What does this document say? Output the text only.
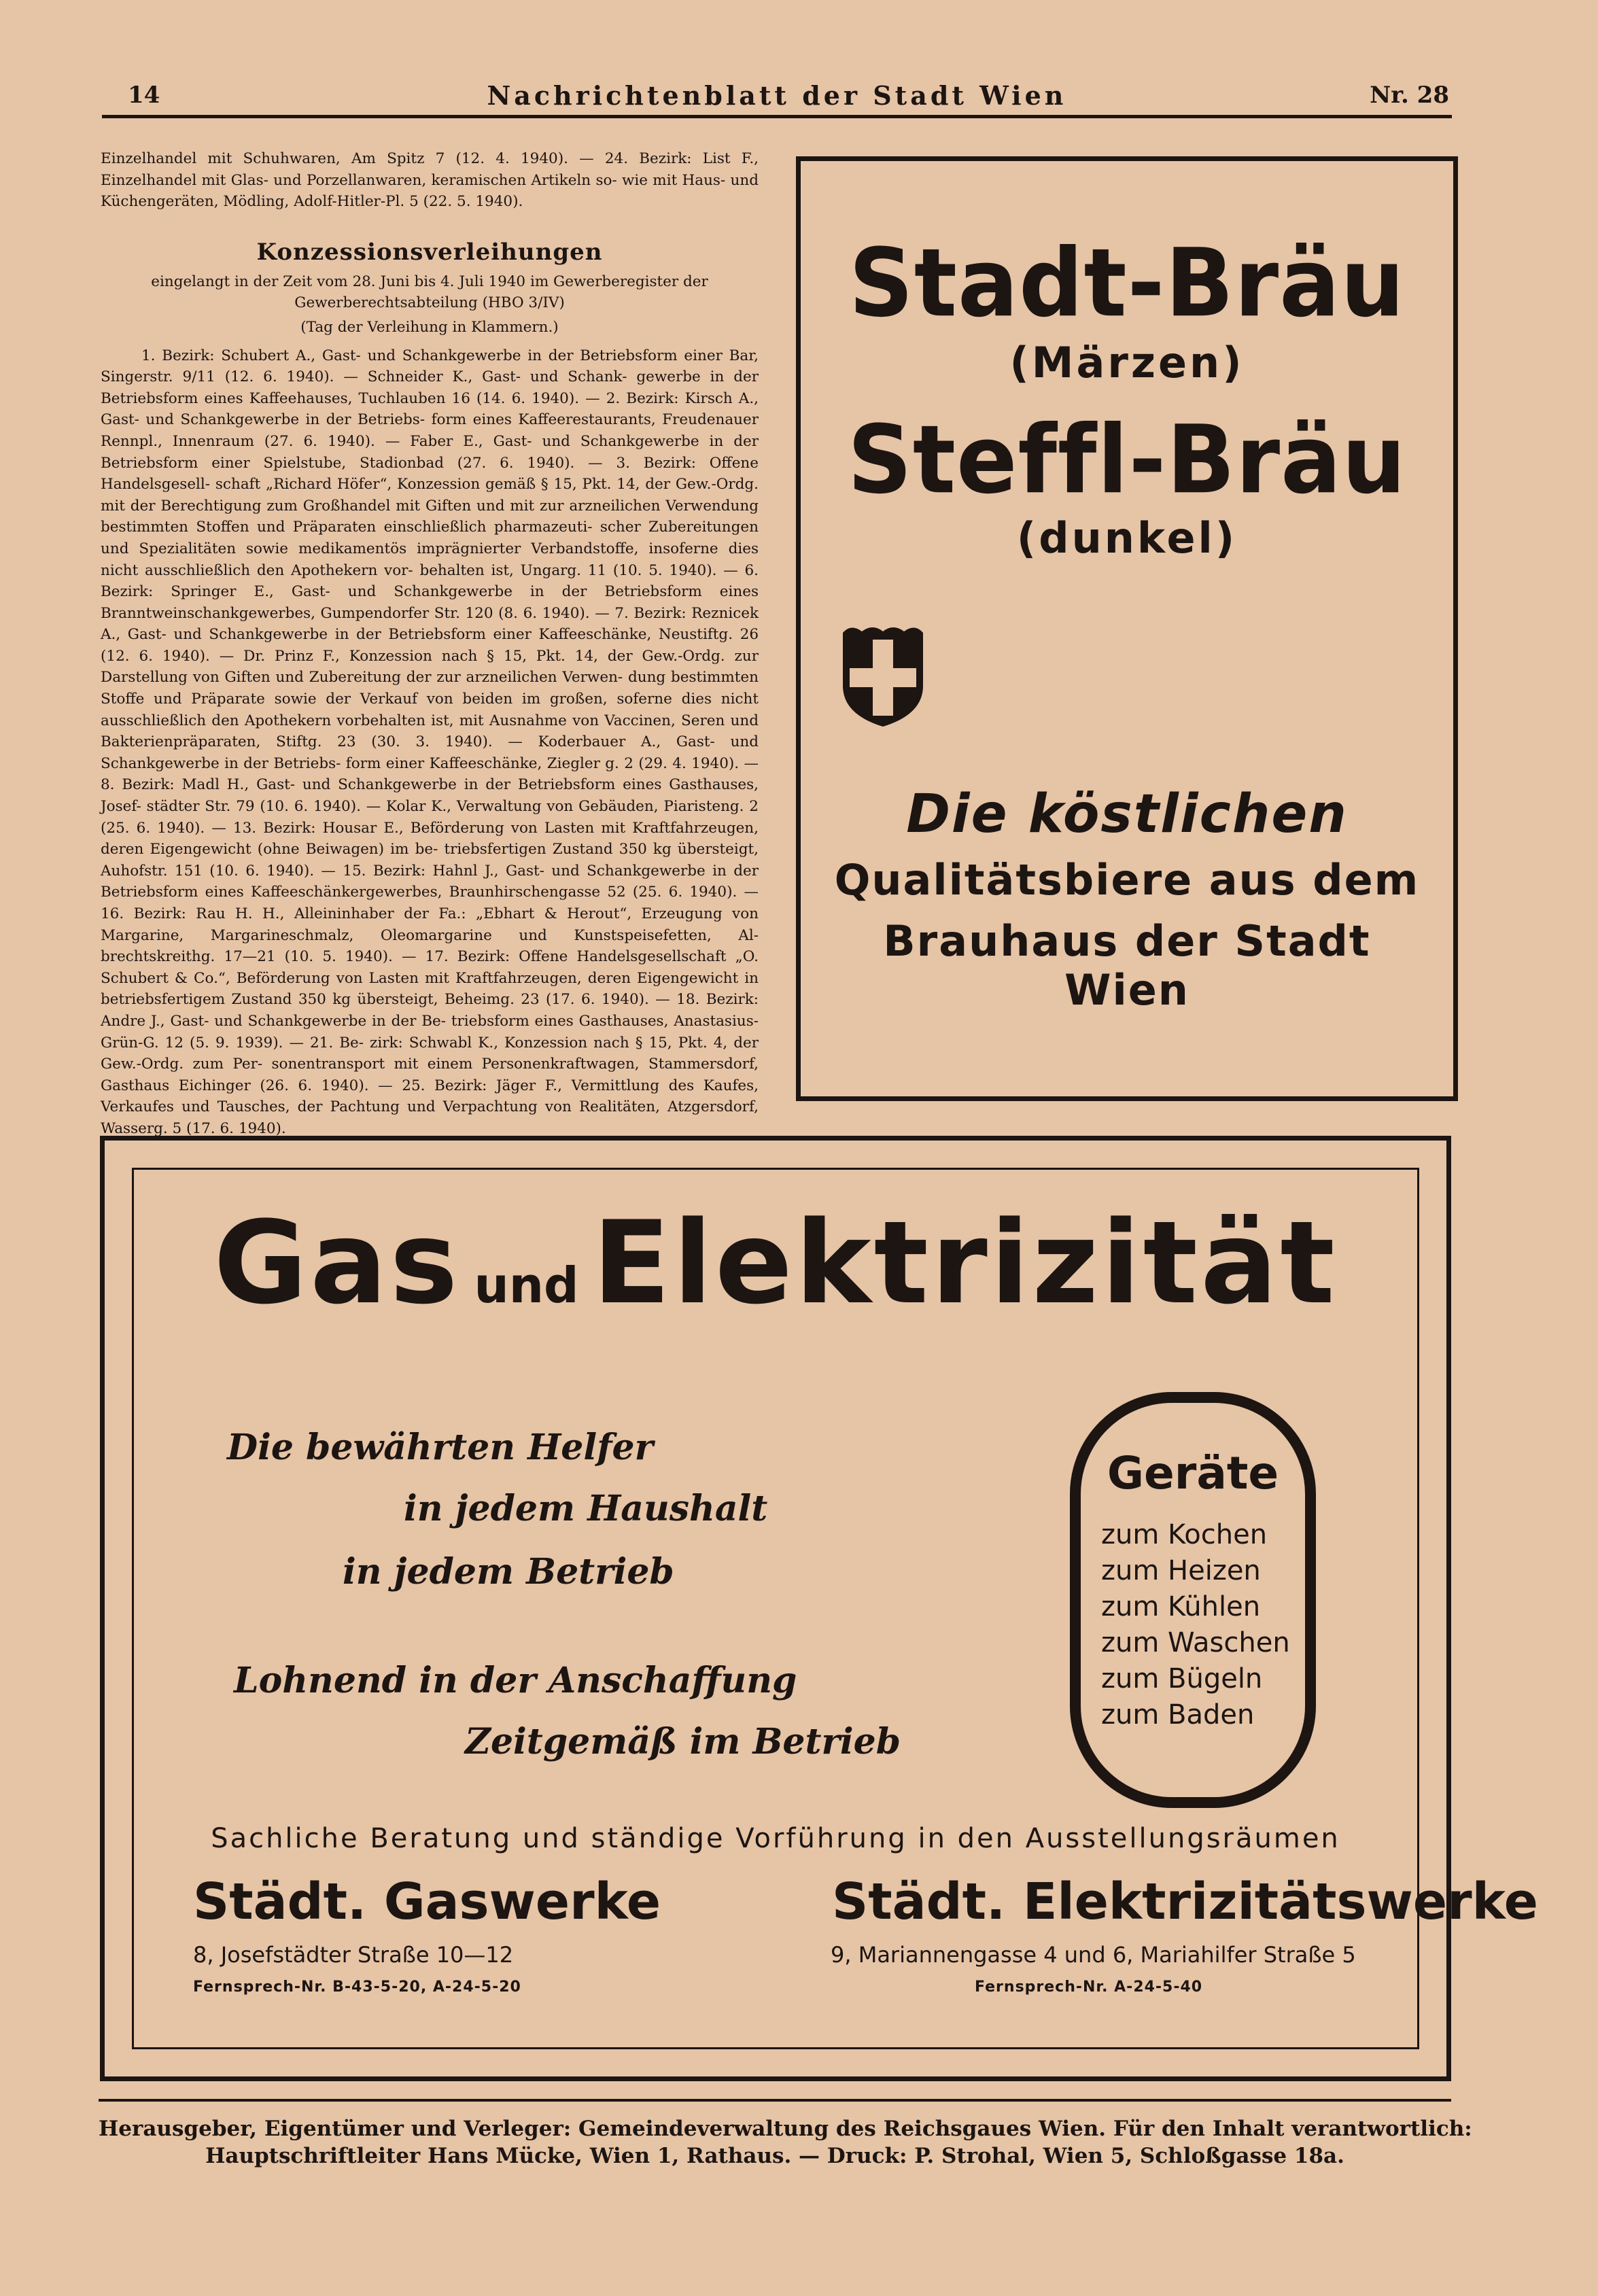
14	Nachrichtenblatt der Stadt Wien	Nr. 28

Einzelhandel mit Schuhwaren, Am Spitz 7 (12. 4. 1940). — 24. Bezirk: List F., Einzelhandel mit Glas- und Porzellanwaren, keramischen Artikeln so- wie mit Haus- und Küchengeräten, Mödling, Adolf-Hitler-Pl. 5 (22. 5. 1940).

Konzessionsverleihungen

eingelangt in der Zeit vom 28. Juni bis 4. Juli 1940 im Gewerberegister der Gewerberechtsabteilung (HBO 3/IV)

(Tag der Verleihung in Klammern.)

1. Bezirk: Schubert A., Gast- und Schankgewerbe in der Betriebsform einer Bar, Singerstr. 9/11 (12. 6. 1940). — Schneider K., Gast- und Schank- gewerbe in der Betriebsform eines Kaffeehauses, Tuchlauben 16 (14. 6. 1940). — 2. Bezirk: Kirsch A., Gast- und Schankgewerbe in der Betriebs- form eines Kaffeerestaurants, Freudenauer Rennpl., Innenraum (27. 6. 1940). — Faber E., Gast- und Schankgewerbe in der Betriebsform einer Spielstube, Stadionbad (27. 6. 1940). — 3. Bezirk: Offene Handelsgesell- schaft „Richard Höfer“, Konzession gemäß § 15, Pkt. 14, der Gew.-Ordg. mit der Berechtigung zum Großhandel mit Giften und mit zur arzneilichen Verwendung bestimmten Stoffen und Präparaten einschließlich pharmazeuti- scher Zubereitungen und Spezialitäten sowie medikamentös imprägnierter Verbandstoffe, insoferne dies nicht ausschließlich den Apothekern vor- behalten ist, Ungarg. 11 (10. 5. 1940). — 6. Bezirk: Springer E., Gast- und Schankgewerbe in der Betriebsform eines Branntweinschankgewerbes, Gumpendorfer Str. 120 (8. 6. 1940). — 7. Bezirk: Reznicek A., Gast- und Schankgewerbe in der Betriebsform einer Kaffeeschänke, Neustiftg. 26 (12. 6. 1940). — Dr. Prinz F., Konzession nach § 15, Pkt. 14, der Gew.-Ordg. zur Darstellung von Giften und Zubereitung der zur arzneilichen Verwen- dung bestimmten Stoffe und Präparate sowie der Verkauf von beiden im großen, soferne dies nicht ausschließlich den Apothekern vorbehalten ist, mit Ausnahme von Vaccinen, Seren und Bakterienpräparaten, Stiftg. 23 (30. 3. 1940). — Koderbauer A., Gast- und Schankgewerbe in der Betriebs- form einer Kaffeeschänke, Ziegler g. 2 (29. 4. 1940). — 8. Bezirk: Madl H., Gast- und Schankgewerbe in der Betriebsform eines Gasthauses, Josef- städter Str. 79 (10. 6. 1940). — Kolar K., Verwaltung von Gebäuden, Piaristeng. 2 (25. 6. 1940). — 13. Bezirk: Housar E., Beförderung von Lasten mit Kraftfahrzeugen, deren Eigengewicht (ohne Beiwagen) im be- triebsfertigen Zustand 350 kg übersteigt, Auhofstr. 151 (10. 6. 1940). — 15. Bezirk: Hahnl J., Gast- und Schankgewerbe in der Betriebsform eines Kaffeeschänkergewerbes, Braunhirschengasse 52 (25. 6. 1940). — 16. Bezirk: Rau H. H., Alleininhaber der Fa.: „Ebhart & Herout“, Erzeugung von Margarine, Margarineschmalz, Oleomargarine und Kunstspeisefetten, Al- brechtskreithg. 17—21 (10. 5. 1940). — 17. Bezirk: Offene Handelsgesellschaft „O. Schubert & Co.“, Beförderung von Lasten mit Kraftfahrzeugen, deren Eigengewicht in betriebsfertigem Zustand 350 kg übersteigt, Beheimg. 23 (17. 6. 1940). — 18. Bezirk: Andre J., Gast- und Schankgewerbe in der Be- triebsform eines Gasthauses, Anastasius-Grün-G. 12 (5. 9. 1939). — 21. Be- zirk: Schwabl K., Konzession nach § 15, Pkt. 4, der Gew.-Ordg. zum Per- sonentransport mit einem Personenkraftwagen, Stammersdorf, Gasthaus Eichinger (26. 6. 1940). — 25. Bezirk: Jäger F., Vermittlung des Kaufes, Verkaufes und Tausches, der Pachtung und Verpachtung von Realitäten, Atzgersdorf, Wasserg. 5 (17. 6. 1940).

Stadt-Bräu
(Märzen)
Steffl-Bräu
(dunkel)
Die köstlichen
Qualitätsbiere aus dem
Brauhaus der Stadt Wien
Gas und Elektrizität
Die bewährten Helfer
in jedem Haushalt
in jedem Betrieb
Lohnend in der Anschaffung
Zeitgemäß im Betrieb
Geräte
zum Kochen
zum Heizen
zum Kühlen
zum Waschen
zum Bügeln
zum Baden
Sachliche Beratung und ständige Vorführung in den Ausstellungsräumen
Städt. Gaswerke
8, Josefstädter Straße 10—12
Fernsprech-Nr. B-43-5-20, A-24-5-20
Städt. Elektrizitätswerke
9, Mariannengasse 4 und 6, Mariahilfer Straße 5
Fernsprech-Nr. A-24-5-40
Herausgeber, Eigentümer und Verleger: Gemeindeverwaltung des Reichsgaues Wien. Für den Inhalt verantwortlich:
Hauptschriftleiter Hans Mücke, Wien 1, Rathaus. — Druck: P. Strohal, Wien 5, Schloßgasse 18a.
